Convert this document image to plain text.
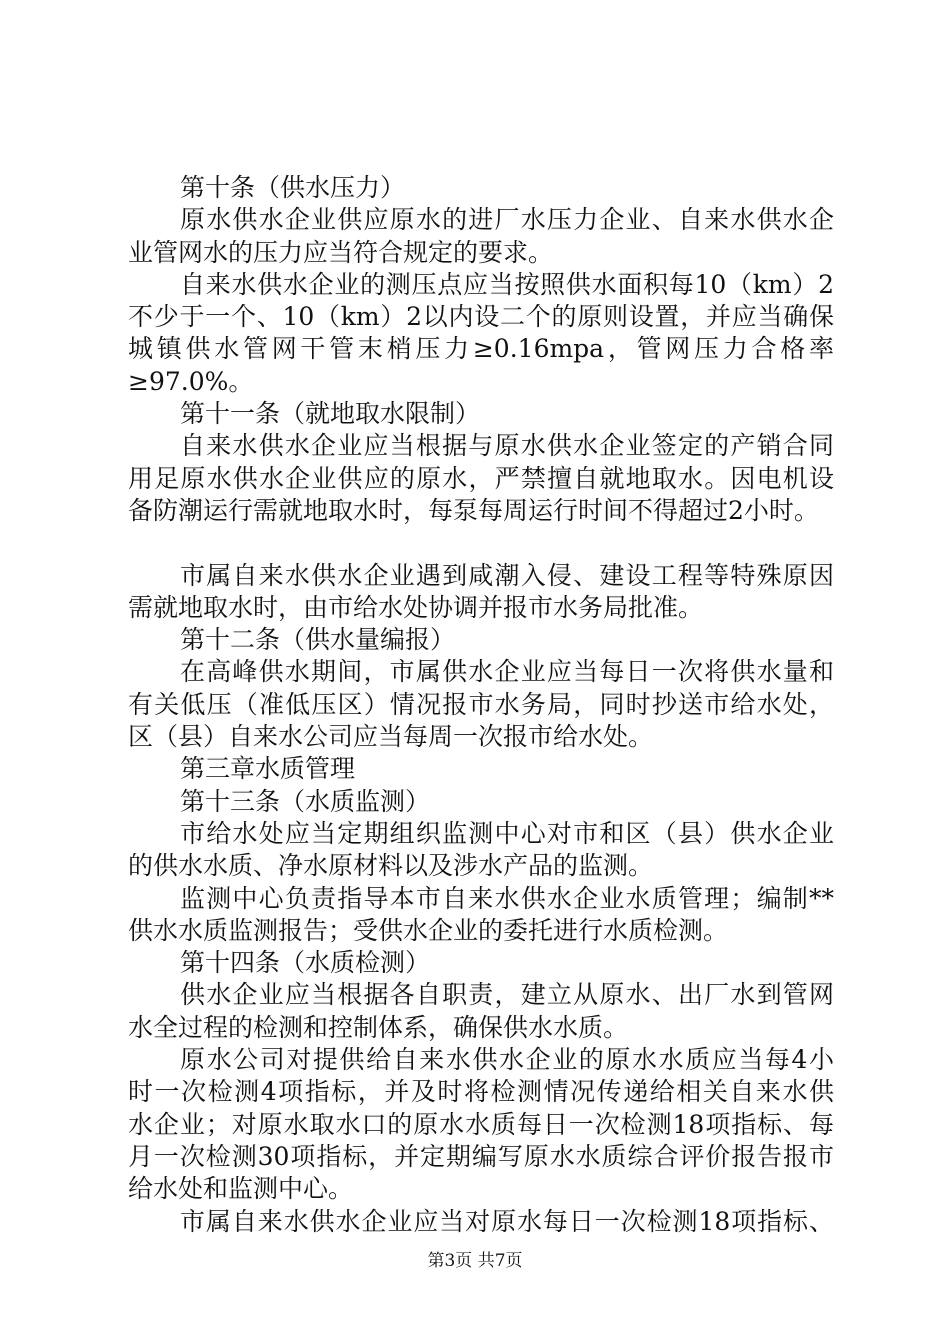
第十条（供水压力）
原水供水企业供应原水的进厂水压力企业、自来水供水企
业管网水的压力应当符合规定的要求。
自来水供水企业的测压点应当按照供水面积每10（km）2
不少于一个、10（km）2以内设二个的原则设置，并应当确保
城镇供水管网干管末梢压力≥0.16mpa，管网压力合格率
≥97.0%。
第十一条（就地取水限制）
自来水供水企业应当根据与原水供水企业签定的产销合同
用足原水供水企业供应的原水，严禁擅自就地取水。因电机设
备防潮运行需就地取水时，每泵每周运行时间不得超过2小时。
市属自来水供水企业遇到咸潮入侵、建设工程等特殊原因
需就地取水时，由市给水处协调并报市水务局批准。
第十二条（供水量编报）
在高峰供水期间，市属供水企业应当每日一次将供水量和
有关低压（准低压区）情况报市水务局，同时抄送市给水处，
区（县）自来水公司应当每周一次报市给水处。
第三章水质管理
第十三条（水质监测）
市给水处应当定期组织监测中心对市和区（县）供水企业
的供水水质、净水原材料以及涉水产品的监测。
监测中心负责指导本市自来水供水企业水质管理；编制**
供水水质监测报告；受供水企业的委托进行水质检测。
第十四条（水质检测）
供水企业应当根据各自职责，建立从原水、出厂水到管网
水全过程的检测和控制体系，确保供水水质。
原水公司对提供给自来水供水企业的原水水质应当每4小
时一次检测4项指标，并及时将检测情况传递给相关自来水供
水企业；对原水取水口的原水水质每日一次检测18项指标、每
月一次检测30项指标，并定期编写原水水质综合评价报告报市
给水处和监测中心。
市属自来水供水企业应当对原水每日一次检测18项指标、
第3页 共7页
